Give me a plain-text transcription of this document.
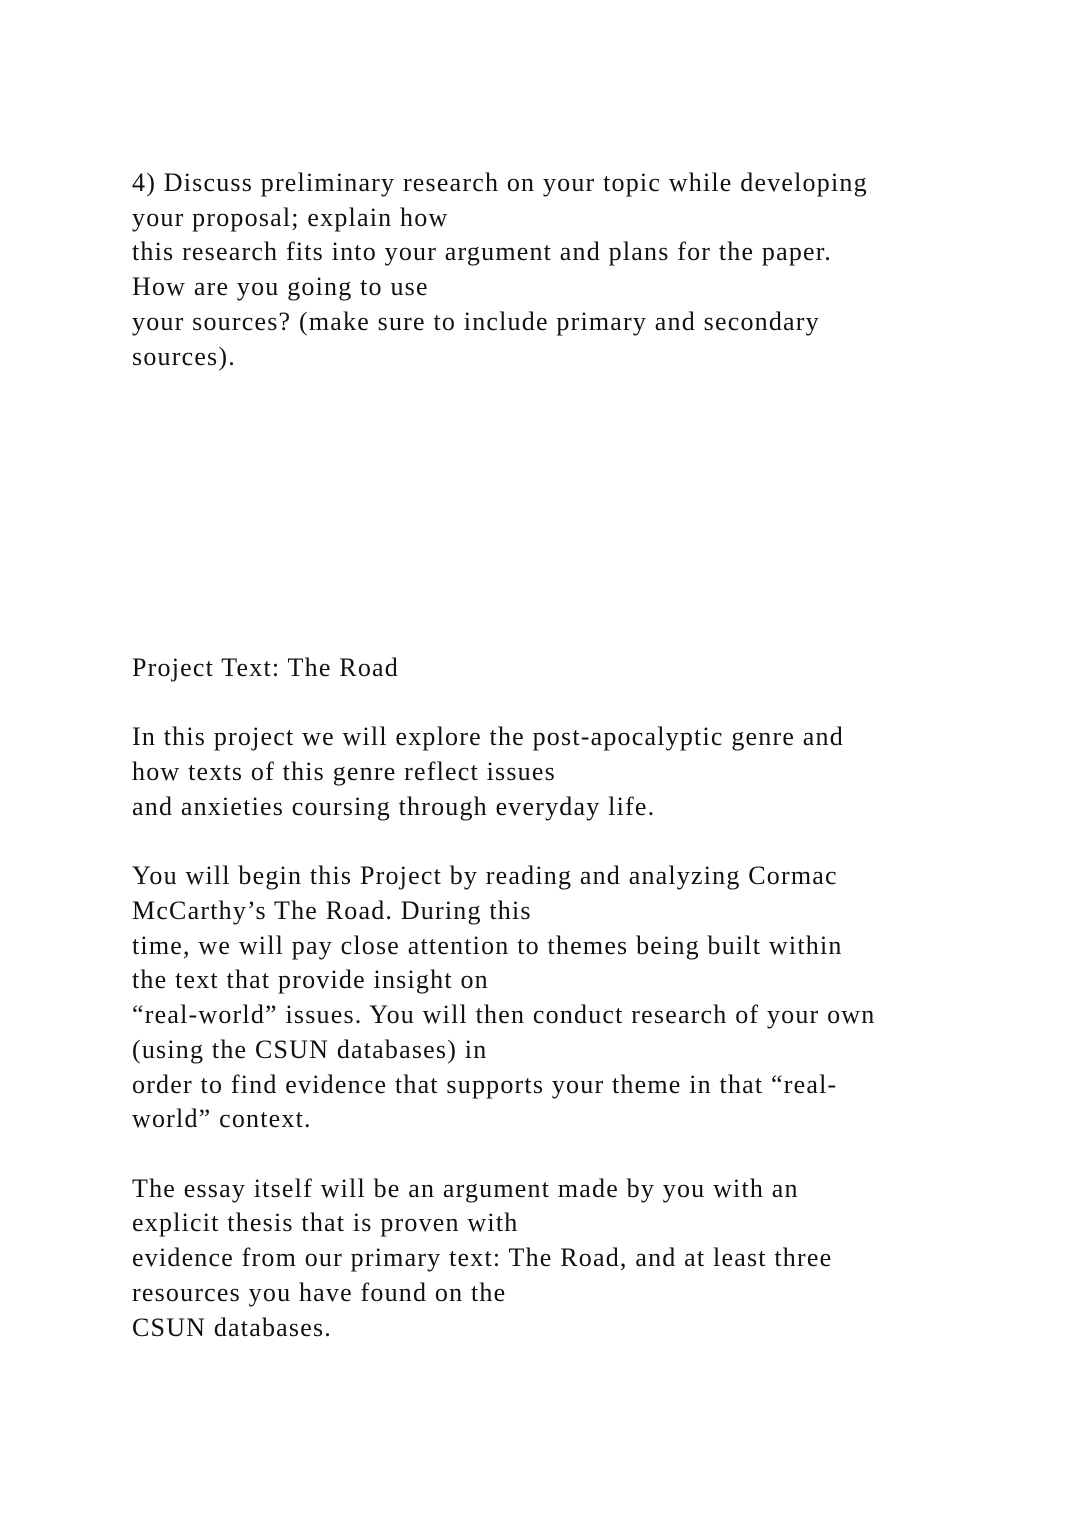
4) Discuss preliminary research on your topic while developing

your proposal; explain how

this research fits into your argument and plans for the paper.

How are you going to use

your sources? (make sure to include primary and secondary

sources).

Project Text: The Road

In this project we will explore the post-apocalyptic genre and

how texts of this genre reflect issues

and anxieties coursing through everyday life.

You will begin this Project by reading and analyzing Cormac

McCarthy’s The Road. During this

time, we will pay close attention to themes being built within

the text that provide insight on

“real-world” issues. You will then conduct research of your own

(using the CSUN databases) in

order to find evidence that supports your theme in that “real-

world” context.

The essay itself will be an argument made by you with an

explicit thesis that is proven with

evidence from our primary text: The Road, and at least three

resources you have found on the

CSUN databases.
